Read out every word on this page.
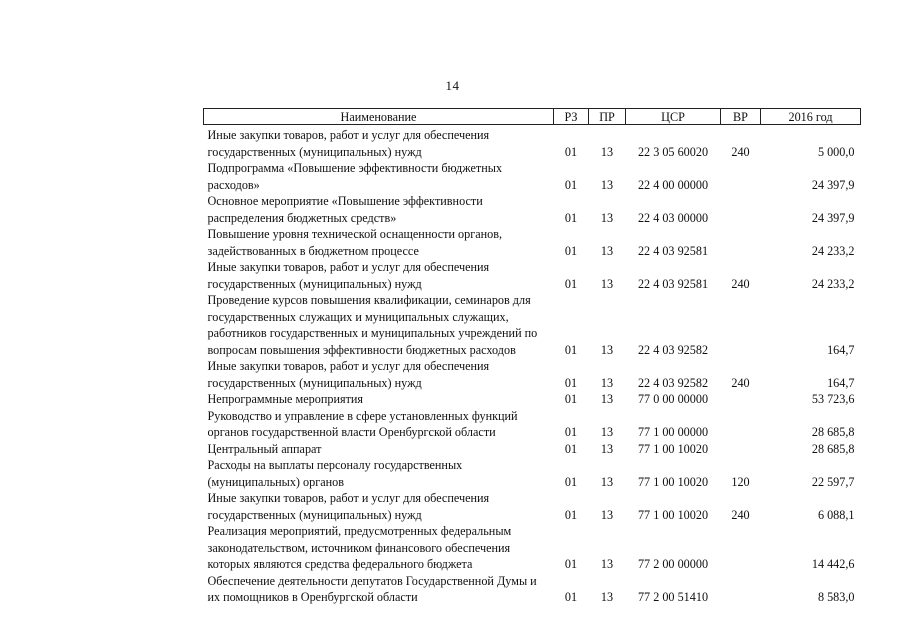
14
Наименование	РЗ	ПР	ЦСР	ВР	2016 год
Иные закупки товаров, работ и услуг для обеспечения государственных (муниципальных) нужд	01	13	22 3 05 60020	240	5 000,0
Подпрограмма «Повышение эффективности бюджетных расходов»	01	13	22 4 00 00000		24 397,9
Основное мероприятие «Повышение эффективности распределения бюджетных средств»	01	13	22 4 03 00000		24 397,9
Повышение уровня технической оснащенности органов, задействованных в бюджетном процессе	01	13	22 4 03 92581		24 233,2
Иные закупки товаров, работ и услуг для обеспечения государственных (муниципальных) нужд	01	13	22 4 03 92581	240	24 233,2
Проведение курсов повышения квалификации, семинаров для государственных служащих и муниципальных служащих, работников государственных и муниципальных учреждений по вопросам повышения эффективности бюджетных расходов	01	13	22 4 03 92582		164,7
Иные закупки товаров, работ и услуг для обеспечения государственных (муниципальных) нужд	01	13	22 4 03 92582	240	164,7
Непрограммные мероприятия	01	13	77 0 00 00000		53 723,6
Руководство и управление в сфере установленных функций органов государственной власти Оренбургской области	01	13	77 1 00 00000		28 685,8
Центральный аппарат	01	13	77 1 00 10020		28 685,8
Расходы на выплаты персоналу государственных (муниципальных) органов	01	13	77 1 00 10020	120	22 597,7
Иные закупки товаров, работ и услуг для обеспечения государственных (муниципальных) нужд	01	13	77 1 00 10020	240	6 088,1
Реализация мероприятий, предусмотренных федеральным законодательством, источником финансового обеспечения которых являются средства федерального бюджета	01	13	77 2 00 00000		14 442,6
Обеспечение деятельности депутатов Государственной Думы и их помощников в Оренбургской области	01	13	77 2 00 51410		8 583,0
